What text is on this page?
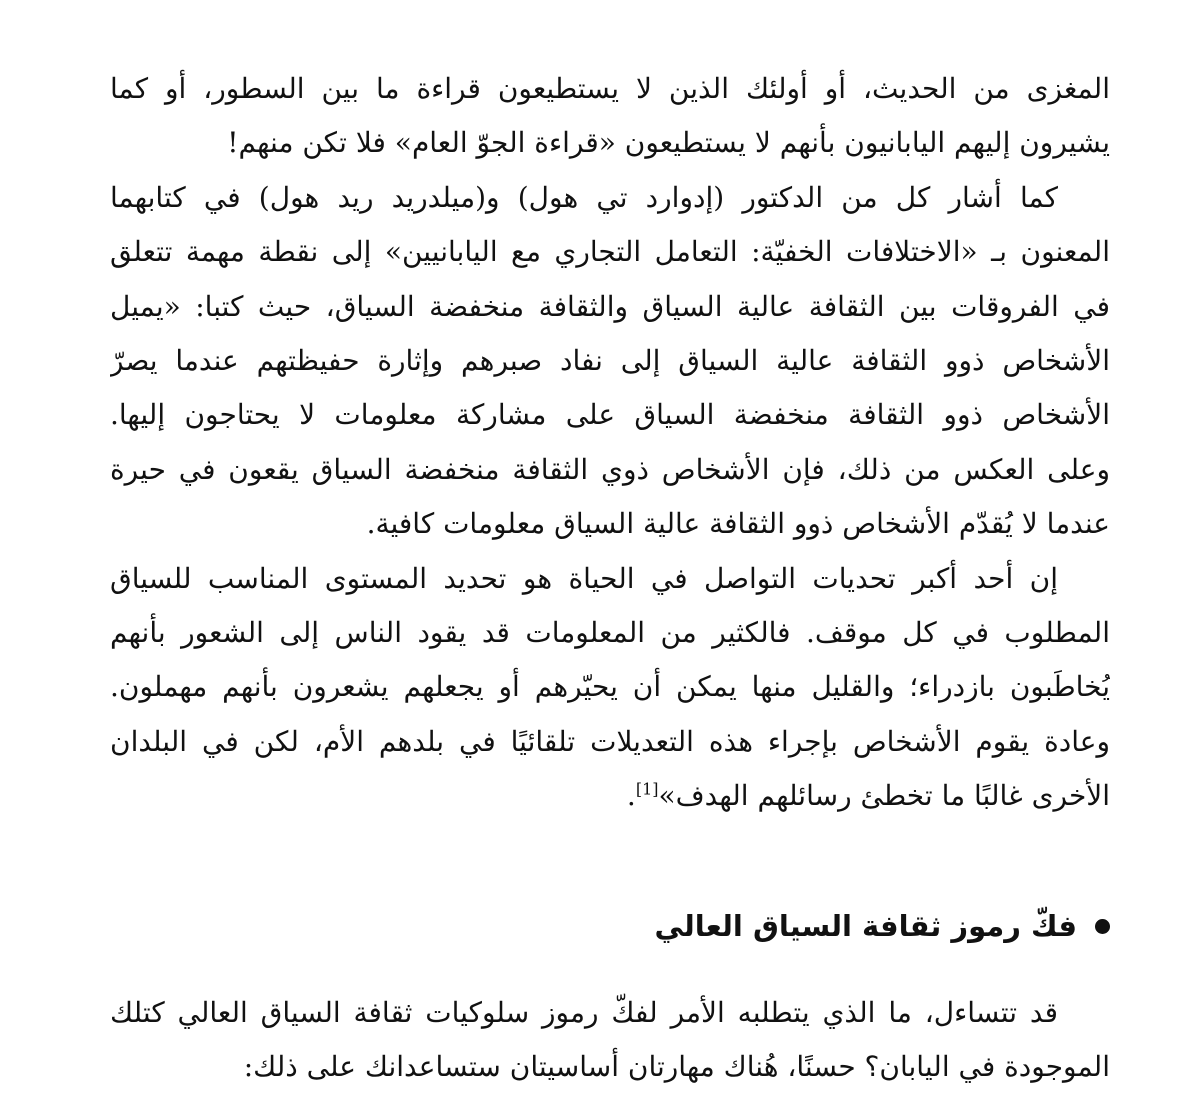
المغزى من الحديث، أو أولئك الذين لا يستطيعون قراءة ما بين السطور، أو كما
يشيرون إليهم اليابانيون بأنهم لا يستطيعون «قراءة الجوّ العام» فلا تكن منهم!
كما أشار كل من الدكتور (إدوارد تي هول) و(ميلدريد ريد هول) في كتابهما
المعنون بـ «الاختلافات الخفيّة: التعامل التجاري مع اليابانيين» إلى نقطة مهمة تتعلق
في الفروقات بين الثقافة عالية السياق والثقافة منخفضة السياق، حيث كتبا: «يميل
الأشخاص ذوو الثقافة عالية السياق إلى نفاد صبرهم وإثارة حفيظتهم عندما يصرّ
الأشخاص ذوو الثقافة منخفضة السياق على مشاركة معلومات لا يحتاجون إليها.
وعلى العكس من ذلك، فإن الأشخاص ذوي الثقافة منخفضة السياق يقعون في حيرة
عندما لا يُقدّم الأشخاص ذوو الثقافة عالية السياق معلومات كافية.
إن أحد أكبر تحديات التواصل في الحياة هو تحديد المستوى المناسب للسياق
المطلوب في كل موقف. فالكثير من المعلومات قد يقود الناس إلى الشعور بأنهم
يُخاطَبون بازدراء؛ والقليل منها يمكن أن يحيّرهم أو يجعلهم يشعرون بأنهم مهملون.
وعادة يقوم الأشخاص بإجراء هذه التعديلات تلقائيًا في بلدهم الأم، لكن في البلدان
الأخرى غالبًا ما تخطئ رسائلهم الهدف»[1].
فكّ رموز ثقافة السياق العالي
قد تتساءل، ما الذي يتطلبه الأمر لفكّ رموز سلوكيات ثقافة السياق العالي كتلك
الموجودة في اليابان؟ حسنًا، هُناك مهارتان أساسيتان ستساعدانك على ذلك:
